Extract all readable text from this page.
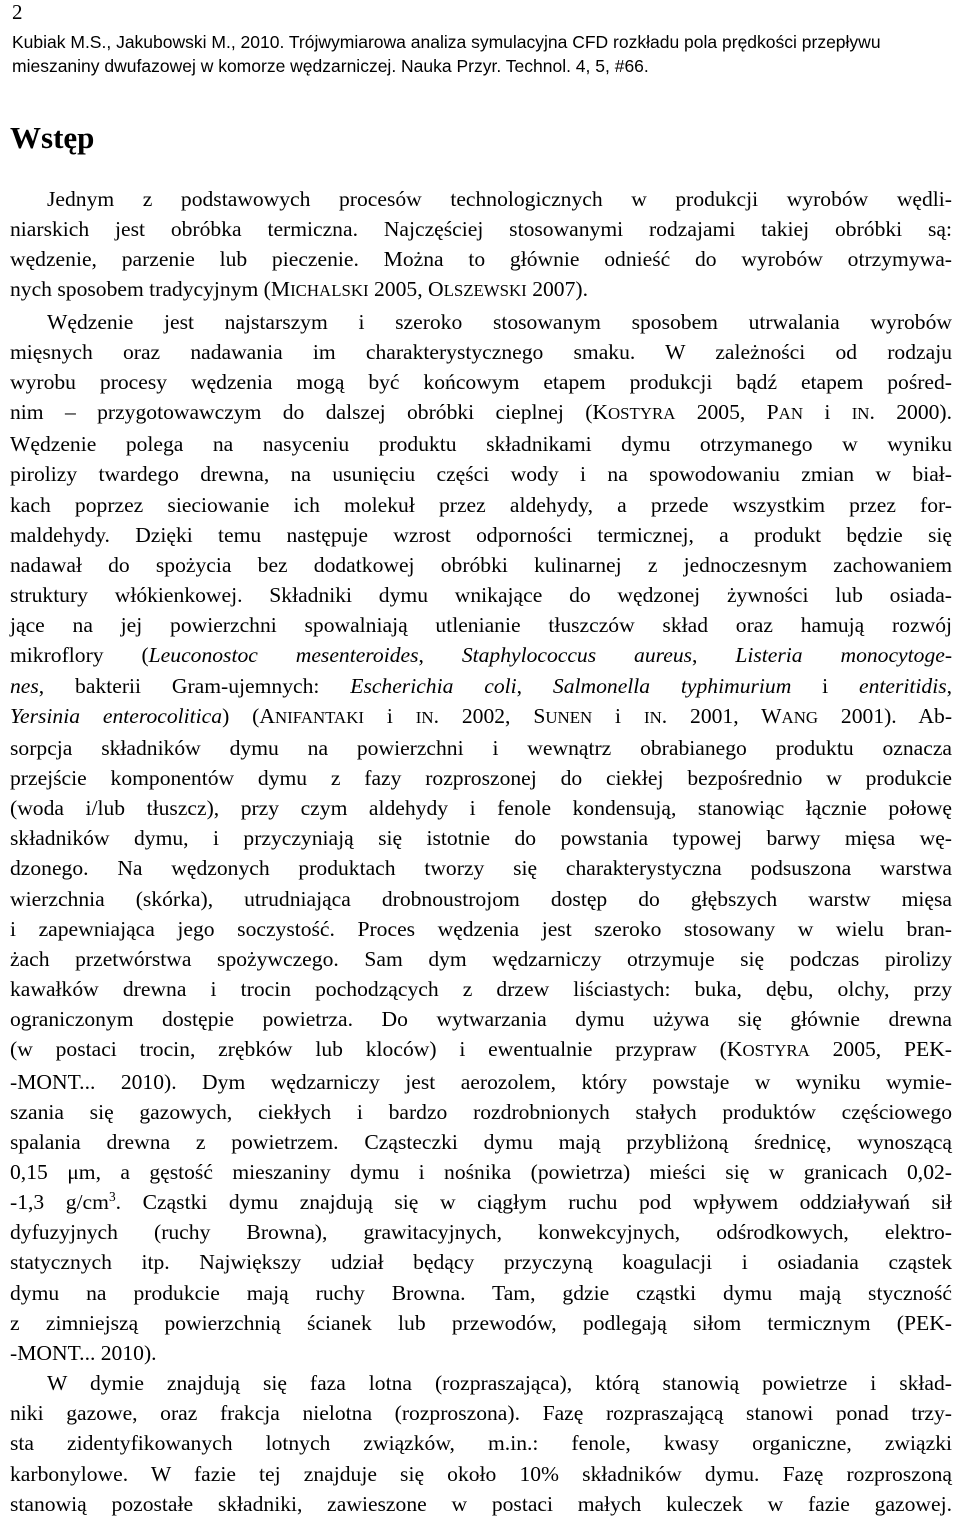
2
Kubiak M.S., Jakubowski M., 2010. Trójwymiarowa analiza symulacyjna CFD rozkładu pola prędkości przepływu
mieszaniny dwufazowej w komorze wędzarniczej. Nauka Przyr. Technol. 4, 5, #66.
Wstęp
Jednym z podstawowych procesów technologicznych w produkcji wyrobów wędli-
niarskich jest obróbka termiczna. Najczęściej stosowanymi rodzajami takiej obróbki są:
wędzenie, parzenie lub pieczenie. Można to głównie odnieść do wyrobów otrzymywa-
nych sposobem tradycyjnym (MICHALSKI 2005, OLSZEWSKI 2007).
Wędzenie jest najstarszym i szeroko stosowanym sposobem utrwalania wyrobów
mięsnych oraz nadawania im charakterystycznego smaku. W zależności od rodzaju
wyrobu procesy wędzenia mogą być końcowym etapem produkcji bądź etapem pośred-
nim – przygotowawczym do dalszej obróbki cieplnej (KOSTYRA 2005, PAN i IN. 2000).
Wędzenie polega na nasyceniu produktu składnikami dymu otrzymanego w wyniku
pirolizy twardego drewna, na usunięciu części wody i na spowodowaniu zmian w biał-
kach poprzez sieciowanie ich molekuł przez aldehydy, a przede wszystkim przez for-
maldehydy. Dzięki temu następuje wzrost odporności termicznej, a produkt będzie się
nadawał do spożycia bez dodatkowej obróbki kulinarnej z jednoczesnym zachowaniem
struktury włókienkowej. Składniki dymu wnikające do wędzonej żywności lub osiada-
jące na jej powierzchni spowalniają utlenianie tłuszczów skład oraz hamują rozwój
mikroflory (Leuconostoc mesenteroides, Staphylococcus aureus, Listeria monocytoge-
nes, bakterii Gram-ujemnych: Escherichia coli, Salmonella typhimurium i enteritidis,
Yersinia enterocolitica) (ANIFANTAKI i IN. 2002, SUNEN i IN. 2001, WANG 2001). Ab-
sorpcja składników dymu na powierzchni i wewnątrz obrabianego produktu oznacza
przejście komponentów dymu z fazy rozproszonej do ciekłej bezpośrednio w produkcie
(woda i/lub tłuszcz), przy czym aldehydy i fenole kondensują, stanowiąc łącznie połowę
składników dymu, i przyczyniają się istotnie do powstania typowej barwy mięsa wę-
dzonego. Na wędzonych produktach tworzy się charakterystyczna podsuszona warstwa
wierzchnia (skórka), utrudniająca drobnoustrojom dostęp do głębszych warstw mięsa
i zapewniająca jego soczystość. Proces wędzenia jest szeroko stosowany w wielu bran-
żach przetwórstwa spożywczego. Sam dym wędzarniczy otrzymuje się podczas pirolizy
kawałków drewna i trocin pochodzących z drzew liściastych: buka, dębu, olchy, przy
ograniczonym dostępie powietrza. Do wytwarzania dymu używa się głównie drewna
(w postaci trocin, zrębków lub kloców) i ewentualnie przypraw (KOSTYRA 2005, PEK-
-MONT... 2010). Dym wędzarniczy jest aerozolem, który powstaje w wyniku wymie-
szania się gazowych, ciekłych i bardzo rozdrobnionych stałych produktów częściowego
spalania drewna z powietrzem. Cząsteczki dymu mają przybliżoną średnicę, wynoszącą
0,15 μm, a gęstość mieszaniny dymu i nośnika (powietrza) mieści się w granicach 0,02-
-1,3 $g/cm^3$. Cząstki dymu znajdują się w ciągłym ruchu pod wpływem oddziaływań sił
dyfuzyjnych (ruchy Browna), grawitacyjnych, konwekcyjnych, odśrodkowych, elektro-
statycznych itp. Największy udział będący przyczyną koagulacji i osiadania cząstek
dymu na produkcie mają ruchy Browna. Tam, gdzie cząstki dymu mają styczność
z zimniejszą powierzchnią ścianek lub przewodów, podlegają siłom termicznym (PEK-
-MONT... 2010).
W dymie znajdują się faza lotna (rozpraszająca), którą stanowią powietrze i skład-
niki gazowe, oraz frakcja nielotna (rozproszona). Fazę rozpraszającą stanowi ponad trzy-
sta zidentyfikowanych lotnych związków, m.in.: fenole, kwasy organiczne, związki
karbonylowe. W fazie tej znajduje się około 10% składników dymu. Fazę rozproszoną
stanowią pozostałe składniki, zawieszone w postaci małych kuleczek w fazie gazowej.
